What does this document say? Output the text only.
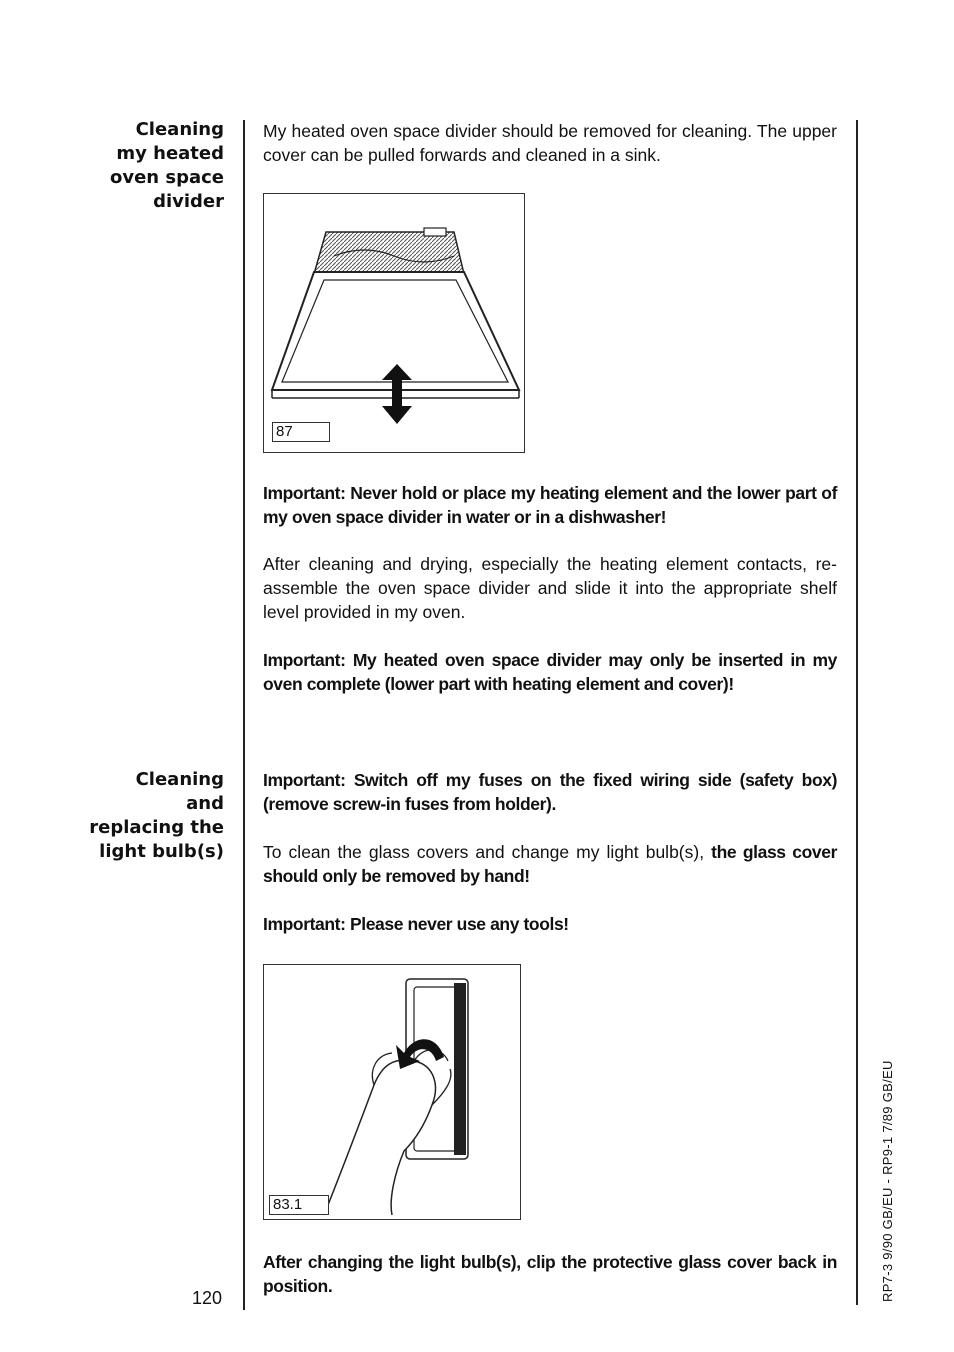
Cleaning
my heated
oven space
divider
My heated oven space divider should be removed for cleaning. The upper cover can be pulled forwards and cleaned in a sink.
87
Important: Never hold or place my heating element and the lower part of my oven space divider in water or in a dishwasher!
After cleaning and drying, especially the heating element contacts, re-assemble the oven space divider and slide it into the appropriate shelf level provided in my oven.
Important: My heated oven space divider may only be inserted in my oven complete (lower part with heating element and cover)!
Cleaning
and
replacing the
light bulb(s)
Important: Switch off my fuses on the fixed wiring side (safety box) (remove screw-in fuses from holder).
To clean the glass covers and change my light bulb(s), the glass cover should only be removed by hand!
Important: Please never use any tools!
83.1
After changing the light bulb(s), clip the protective glass cover back in position.
120	RP7-3 9/90 GB/EU - RP9-1 7/89 GB/EU
